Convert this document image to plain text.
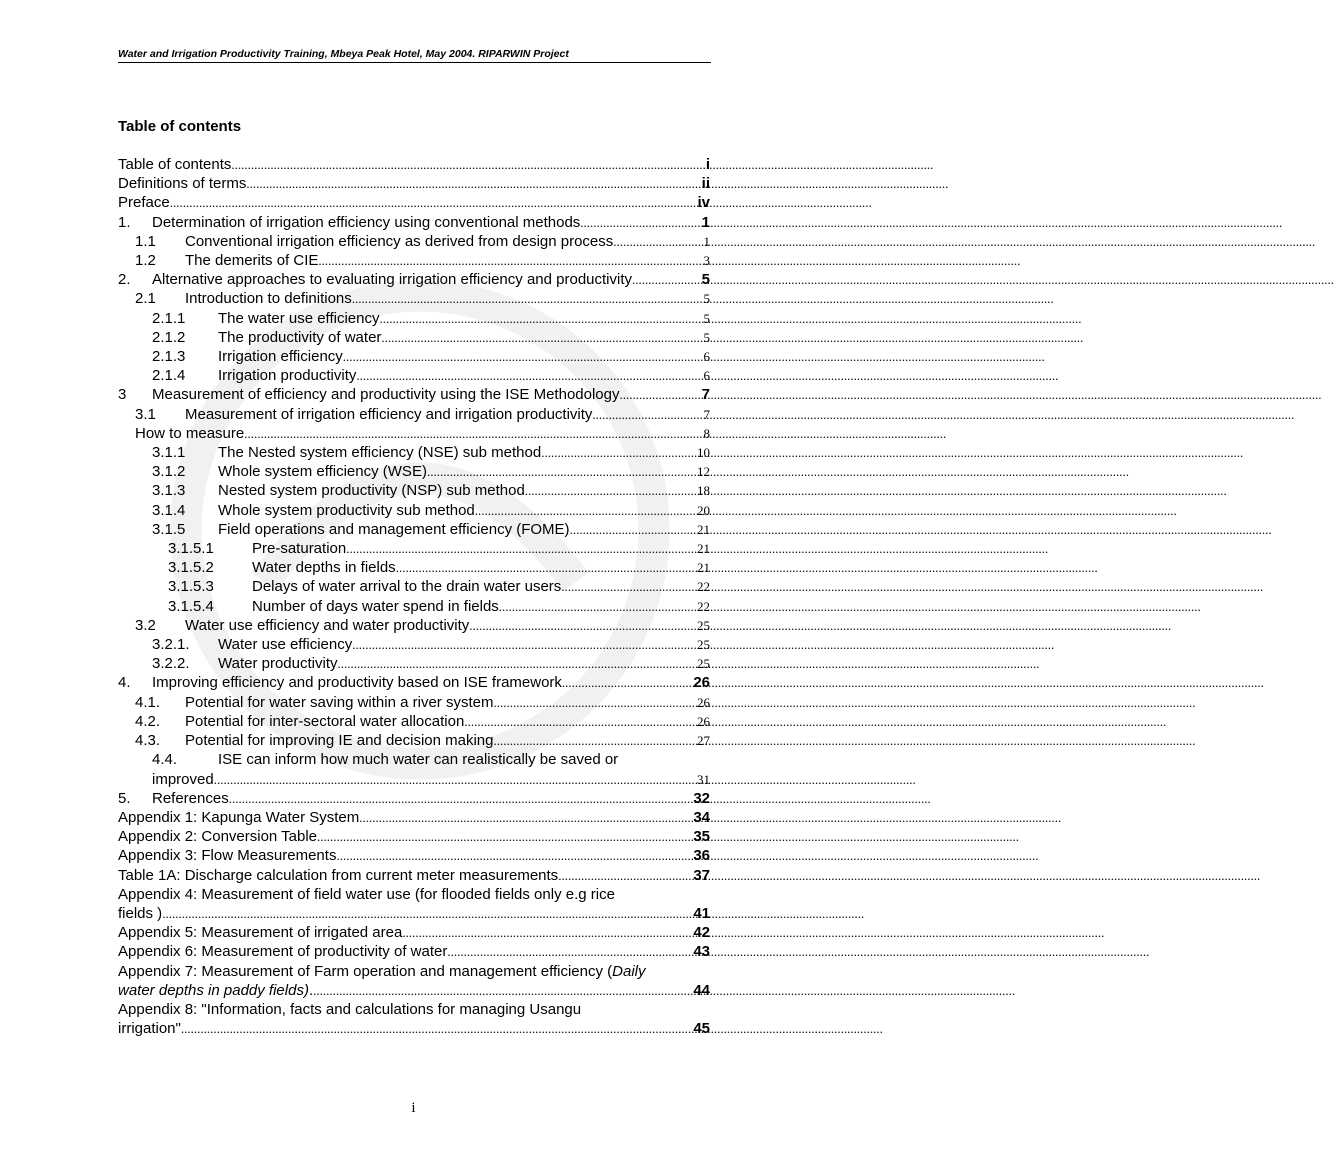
Water and Irrigation Productivity Training, Mbeya Peak Hotel, May 2004. RIPARWIN Project
Table of contents
Table of contents .....	i
Definitions of terms .....	ii
Preface .....	iv
1.	Determination of irrigation efficiency using conventional methods .....	1
1.1	Conventional irrigation efficiency as derived from design process .....	1
1.2	The demerits of CIE .....	3
2.	Alternative approaches to evaluating irrigation efficiency and productivity .....	5
2.1	Introduction to definitions .....	5
2.1.1	The water use efficiency .....	5
2.1.2	The productivity of water .....	5
2.1.3	Irrigation efficiency .....	6
2.1.4	Irrigation productivity .....	6
3	Measurement of efficiency and productivity using the ISE Methodology .....	7
3.1	Measurement of irrigation efficiency and irrigation productivity .....	7
How to measure .....	8
3.1.1	The Nested system efficiency (NSE) sub method .....	10
3.1.2	Whole system efficiency (WSE) .....	12
3.1.3	Nested system productivity (NSP) sub method .....	18
3.1.4	Whole system productivity sub method .....	20
3.1.5	Field operations and management efficiency (FOME) .....	21
3.1.5.1	Pre-saturation .....	21
3.1.5.2	Water depths in fields .....	21
3.1.5.3	Delays of water arrival to the drain water users .....	22
3.1.5.4	Number of days water spend in fields .....	22
3.2	Water use efficiency and water productivity .....	25
3.2.1.	Water use efficiency .....	25
3.2.2.	Water productivity .....	25
4.	Improving efficiency and productivity based on ISE framework .....	26
4.1.	Potential for water saving within a river system .....	26
4.2.	Potential for inter-sectoral water allocation .....	26
4.3.	Potential for improving IE and decision making .....	27
4.4.	ISE can inform how much water can realistically be saved or
improved .....	31
5.	References .....	32
Appendix 1: Kapunga Water System .....	34
Appendix 2: Conversion Table .....	35
Appendix 3: Flow Measurements .....	36
Table 1A: Discharge calculation from current meter measurements .....	37
Appendix 4: Measurement of field water use (for flooded fields only e.g rice
fields ) .....	41
Appendix 5: Measurement of irrigated area .....	42
Appendix 6: Measurement of productivity of water .....	43
Appendix 7: Measurement of Farm operation and management efficiency ( Daily
water depths in paddy fields). .....	44
Appendix 8: "Information, facts and calculations for managing Usangu
irrigation" .....	45
i
